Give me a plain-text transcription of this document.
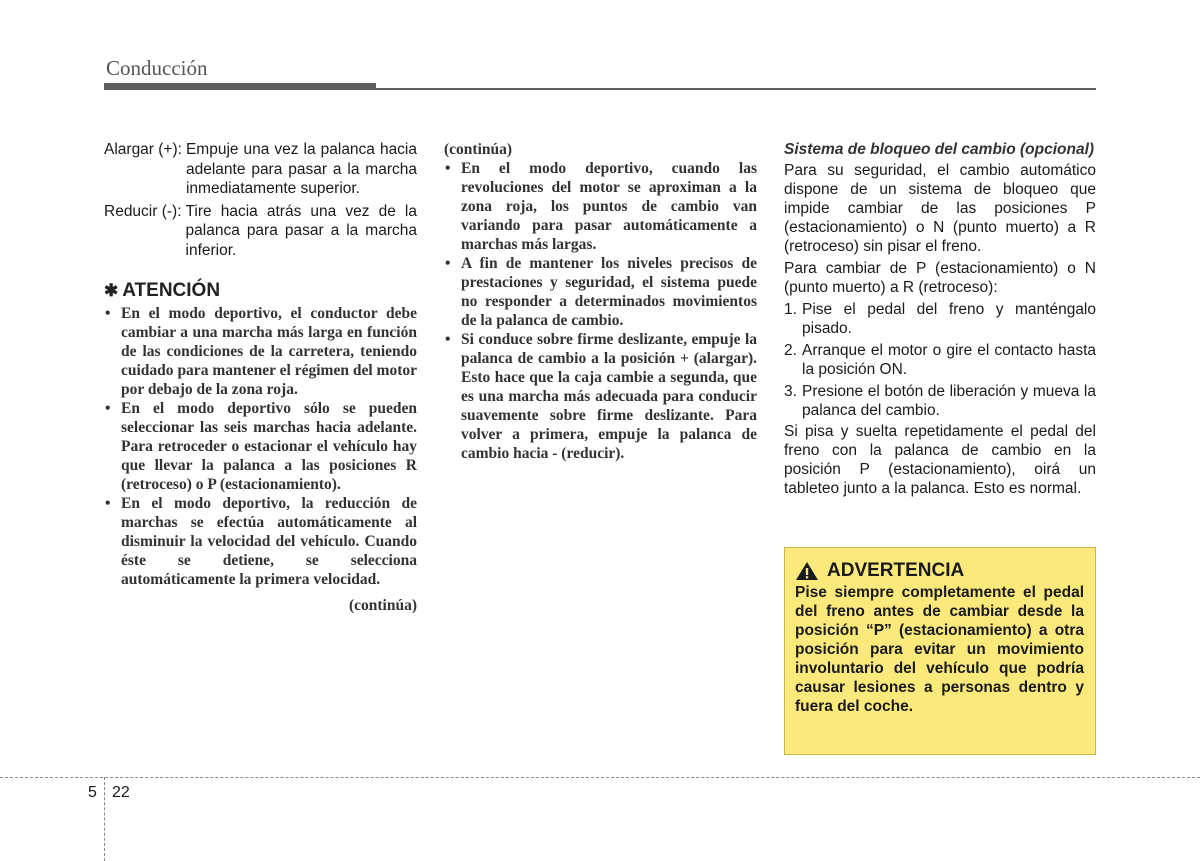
Conducción
Alargar (+): Empuje una vez la palanca hacia adelante para pasar a la marcha inmediatamente superior.
Reducir (-): Tire hacia atrás una vez de la palanca para pasar a la marcha inferior.
✱ ATENCIÓN
• En el modo deportivo, el conductor debe cambiar a una marcha más larga en función de las condiciones de la carretera, teniendo cuidado para mantener el régimen del motor por debajo de la zona roja.
• En el modo deportivo sólo se pueden seleccionar las seis marchas hacia adelante. Para retroceder o estacionar el vehículo hay que llevar la palanca a las posiciones R (retroceso) o P (estacionamiento).
• En el modo deportivo, la reducción de marchas se efectúa automáticamente al disminuir la velocidad del vehículo. Cuando éste se detiene, se selecciona automáticamente la primera velocidad.
(continúa)
(continúa)
• En el modo deportivo, cuando las revoluciones del motor se aproximan a la zona roja, los puntos de cambio van variando para pasar automáticamente a marchas más largas.
• A fin de mantener los niveles precisos de prestaciones y seguridad, el sistema puede no responder a determinados movimientos de la palanca de cambio.
• Si conduce sobre firme deslizante, empuje la palanca de cambio a la posición + (alargar). Esto hace que la caja cambie a segunda, que es una marcha más adecuada para conducir suavemente sobre firme deslizante. Para volver a primera, empuje la palanca de cambio hacia - (reducir).
Sistema de bloqueo del cambio (opcional)
Para su seguridad, el cambio automático dispone de un sistema de bloqueo que impide cambiar de las posiciones P (estacionamiento) o N (punto muerto) a R (retroceso) sin pisar el freno.
Para cambiar de P (estacionamiento) o N (punto muerto) a R (retroceso):
1. Pise el pedal del freno y manténgalo pisado.
2. Arranque el motor o gire el contacto hasta la posición ON.
3. Presione el botón de liberación y mueva la palanca del cambio.
Si pisa y suelta repetidamente el pedal del freno con la palanca de cambio en la posición P (estacionamiento), oirá un tableteo junto a la palanca. Esto es normal.
ADVERTENCIA
Pise siempre completamente el pedal del freno antes de cambiar desde la posición “P” (estacionamiento) a otra posición para evitar un movimiento involuntario del vehículo que podría causar lesiones a personas dentro y fuera del coche.
5 22
